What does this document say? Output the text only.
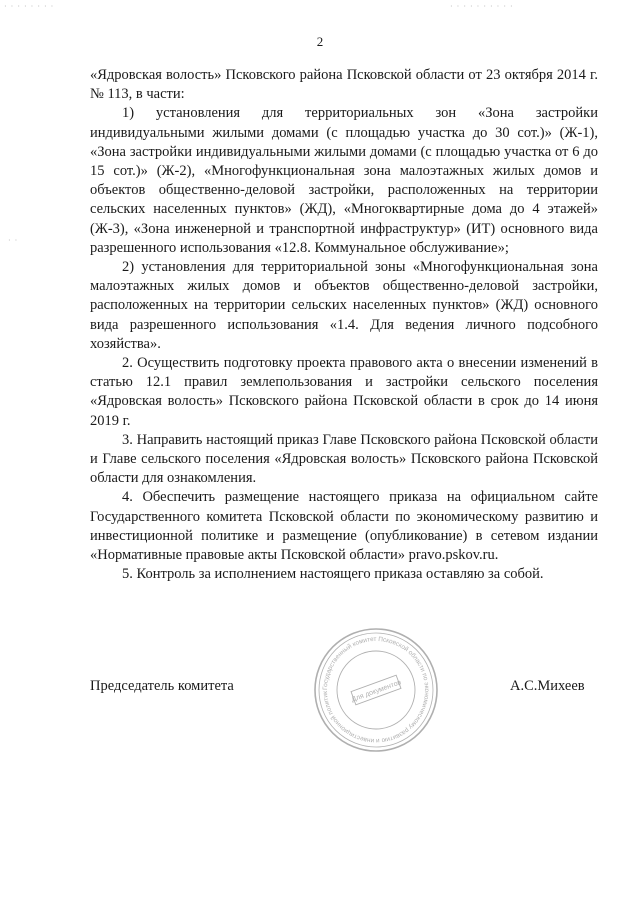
· · · · · · · ·	· · · · · · · · · ·
· ·
2

«Ядровская волость» Псковского района Псковской области от 23 октября 2014 г. № 113, в части:

1) установления для территориальных зон «Зона застройки индивидуальными жилыми домами (с площадью участка до 30 сот.)» (Ж-1), «Зона застройки индивидуальными жилыми домами (с площадью участка от 6 до 15 сот.)» (Ж-2), «Многофункциональная зона малоэтажных жилых домов и объектов общественно-деловой застройки, расположенных на территории сельских населенных пунктов» (ЖД), «Многоквартирные дома до 4 этажей» (Ж-3), «Зона инженерной и транспортной инфраструктур» (ИТ) основного вида разрешенного использования «12.8. Коммунальное обслуживание»;

2) установления для территориальной зоны «Многофункциональная зона малоэтажных жилых домов и объектов общественно-деловой застройки, расположенных на территории сельских населенных пунктов» (ЖД) основного вида разрешенного использования «1.4. Для ведения личного подсобного хозяйства».

2. Осуществить подготовку проекта правового акта о внесении изменений в статью 12.1 правил землепользования и застройки сельского поселения «Ядровская волость» Псковского района Псковской области в срок до 14 июня 2019 г.

3. Направить настоящий приказ Главе Псковского района Псковской области и Главе сельского поселения «Ядровская волость» Псковского района Псковской области для ознакомления.

4. Обеспечить размещение настоящего приказа на официальном сайте Государственного комитета Псковской области по экономическому развитию и инвестиционной политике и размещение (опубликование) в сетевом издании «Нормативные правовые акты Псковской области» pravo.pskov.ru.

5. Контроль за исполнением настоящего приказа оставляю за собой.

Государственный комитет Псковской области по экономическому развитию и инвестиционной политик	Для документов
Председатель комитета	А.С.Михеев
